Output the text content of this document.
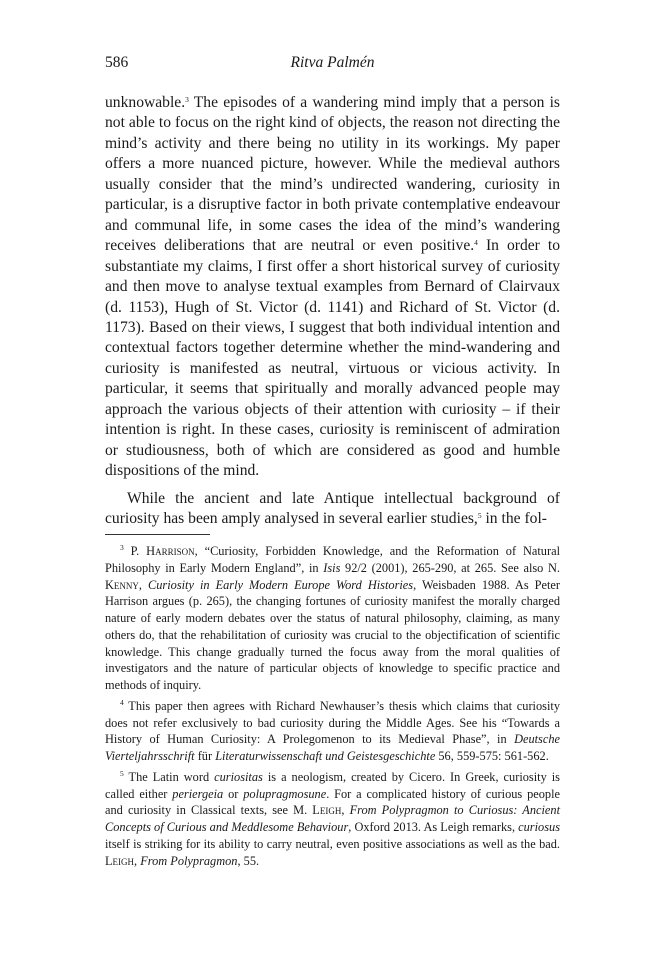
586	Ritva Palmén

unknowable.$^3$ The episodes of a wandering mind imply that a person is not able to focus on the right kind of objects, the reason not directing the mind’s activity and there being no utility in its workings. My paper offers a more nuanced picture, however. While the medieval authors usually consider that the mind’s undirected wandering, curiosity in particular, is a disruptive factor in both private contemplative endeavour and communal life, in some cases the idea of the mind’s wandering receives deliberations that are neutral or even positive.$^4$ In order to substantiate my claims, I first offer a short historical survey of curiosity and then move to analyse textual examples from Bernard of Clairvaux (d. 1153), Hugh of St. Victor (d. 1141) and Richard of St. Victor (d. 1173). Based on their views, I suggest that both individual intention and contextual factors together determine whether the mind-wandering and curiosity is manifested as neutral, virtuous or vicious activity. In particular, it seems that spiritually and morally advanced people may approach the various objects of their attention with curiosity – if their intention is right. In these cases, curiosity is reminiscent of admiration or studiousness, both of which are considered as good and humble dispositions of the mind.

While the ancient and late Antique intellectual background of curiosity has been amply analysed in several earlier studies,$^5$ in the fol-

$^3$ P. Harrison, “Curiosity, Forbidden Knowledge, and the Reformation of Natural Philosophy in Early Modern England”, in Isis 92/2 (2001), 265-290, at 265. See also N. Kenny, Curiosity in Early Modern Europe Word Histories, Weisbaden 1988. As Peter Harrison argues (p. 265), the changing fortunes of curiosity manifest the morally charged nature of early modern debates over the status of natural philosophy, claiming, as many others do, that the rehabilitation of curiosity was crucial to the objectification of scientific knowledge. This change gradually turned the focus away from the moral qualities of investigators and the nature of particular objects of knowledge to specific practice and methods of inquiry.

$^4$ This paper then agrees with Richard Newhauser’s thesis which claims that curiosity does not refer exclusively to bad curiosity during the Middle Ages. See his “Towards a History of Human Curiosity: A Prolegomenon to its Medieval Phase”, in Deutsche Vierteljahrsschrift für Literaturwissenschaft und Geistesgeschichte 56, 559-575: 561-562.

$^5$ The Latin word curiositas is a neologism, created by Cicero. In Greek, curiosity is called either periergeia or polupragmosune. For a complicated history of curious people and curiosity in Classical texts, see M. Leigh, From Polypragmon to Curiosus: Ancient Concepts of Curious and Meddlesome Behaviour, Oxford 2013. As Leigh remarks, curiosus itself is striking for its ability to carry neutral, even positive associations as well as the bad. Leigh, From Polypragmon, 55.
